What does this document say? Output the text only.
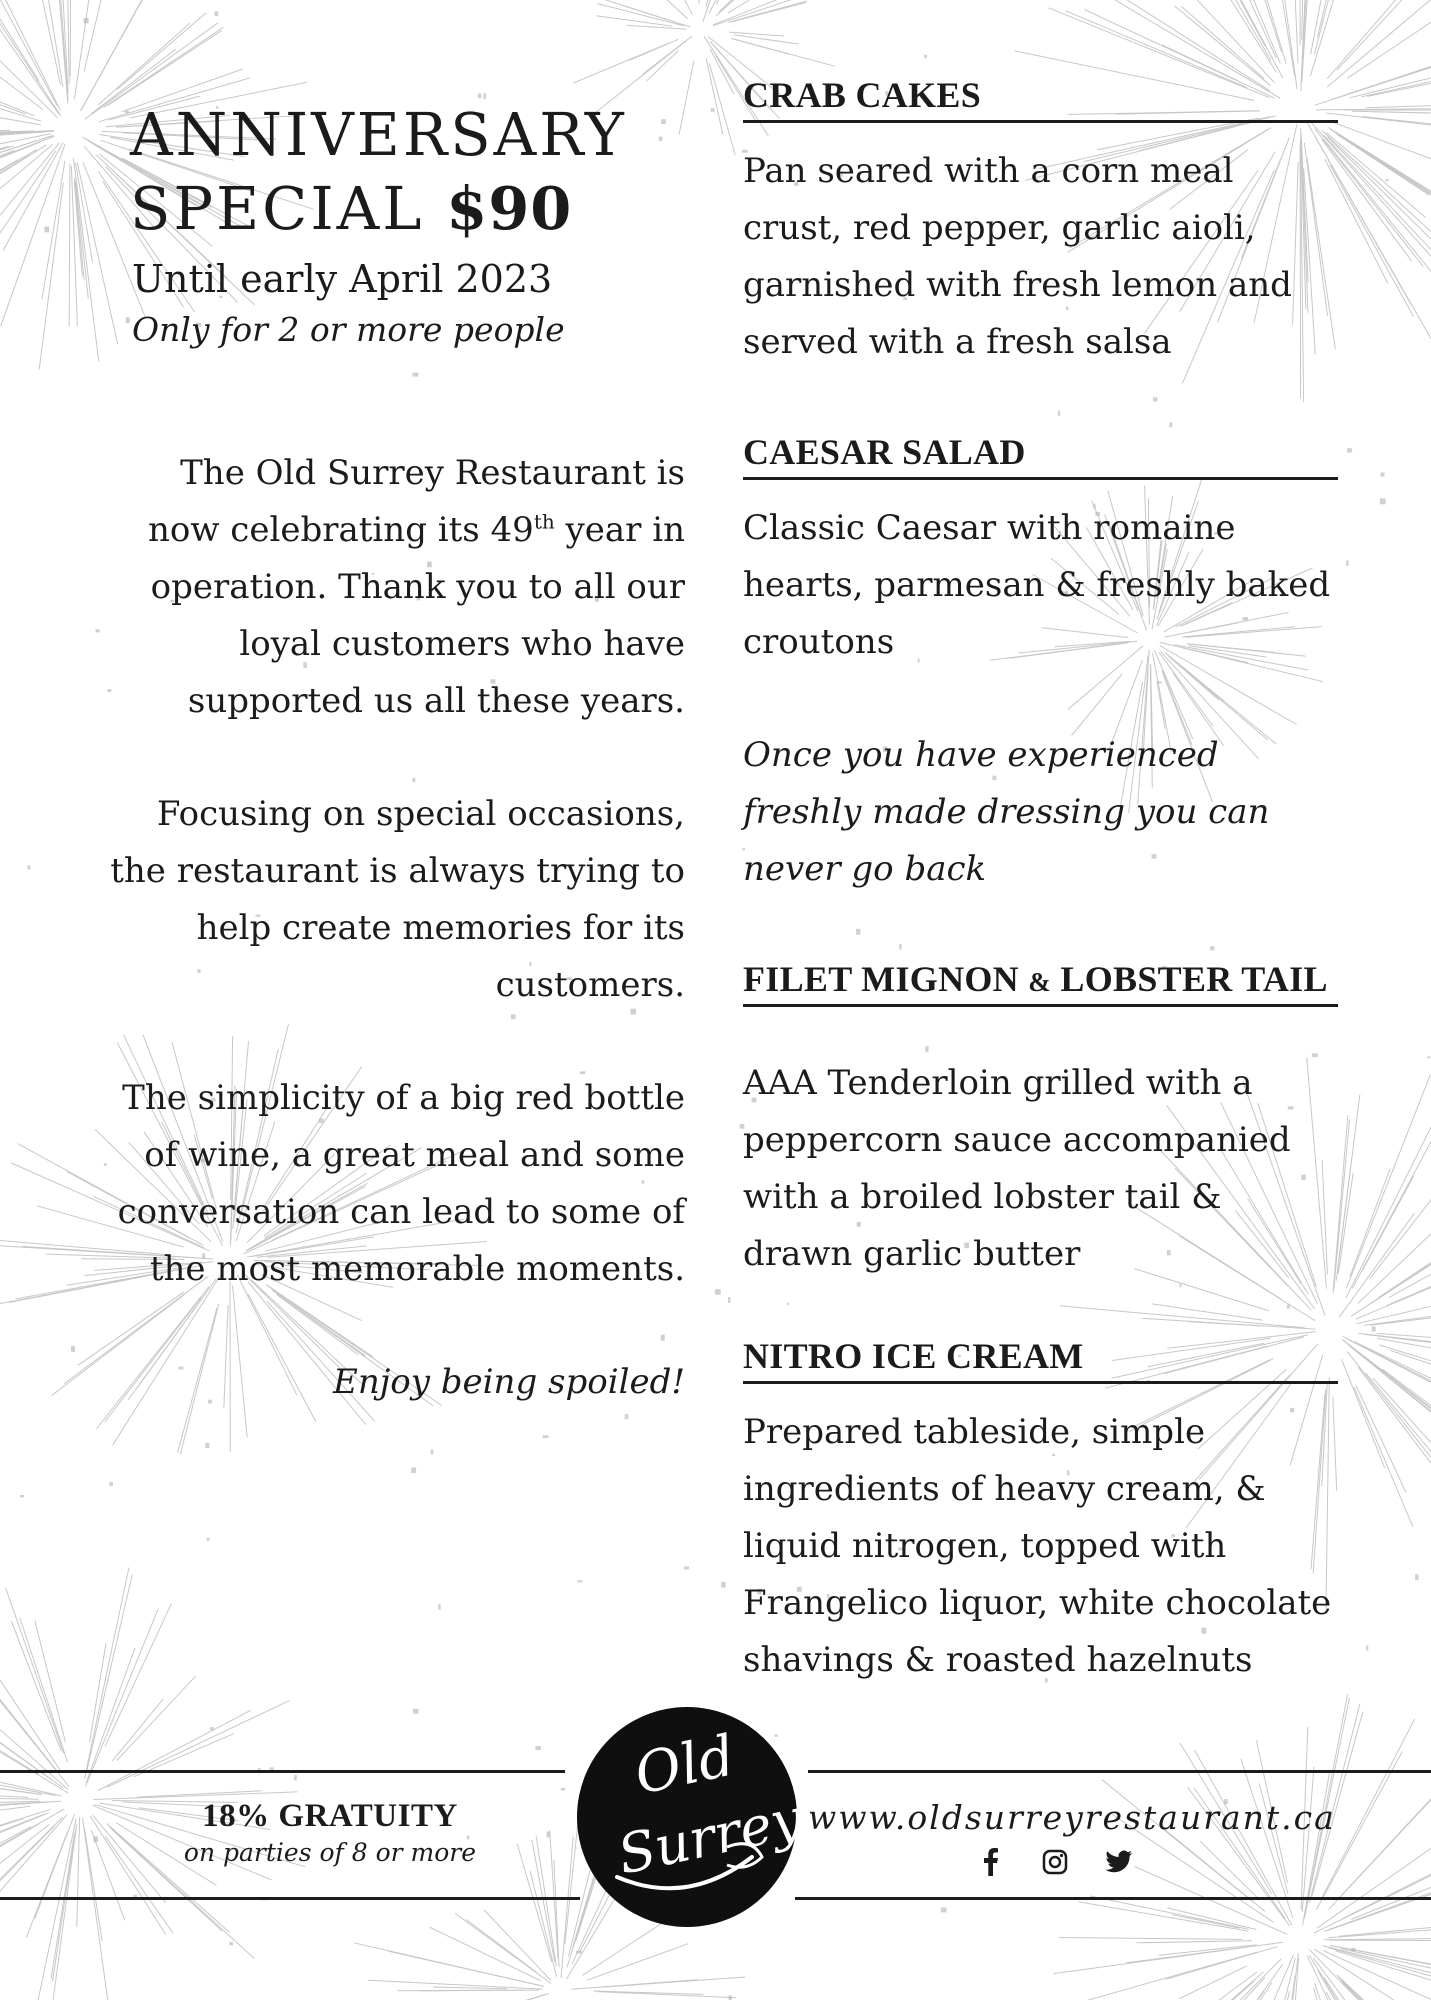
ANNIVERSARY
SPECIAL $90
Until early April 2023
Only for 2 or more people

The Old Surrey Restaurant is now celebrating its 49th year in operation. Thank you to all our loyal customers who have supported us all these years.

Focusing on special occasions, the restaurant is always trying to help create memories for its customers.

The simplicity of a big red bottle of wine, a great meal and some conversation can lead to some of the most memorable moments.

Enjoy being spoiled!

CRAB CAKES
Pan seared with a corn meal crust, red pepper, garlic aioli, garnished with fresh lemon and served with a fresh salsa
CAESAR SALAD
Classic Caesar with romaine hearts, parmesan & freshly baked croutons
Once you have experienced freshly made dressing you can never go back
FILET MIGNON & LOBSTER TAIL
AAA Tenderloin grilled with a peppercorn sauce accompanied with a broiled lobster tail & drawn garlic butter
NITRO ICE CREAM
Prepared tableside, simple ingredients of heavy cream, & liquid nitrogen, topped with Frangelico liquor, white chocolate shavings & roasted hazelnuts
18% GRATUITY
on parties of 8 or more
Old
Surrey www.oldsurreyrestaurant.ca
